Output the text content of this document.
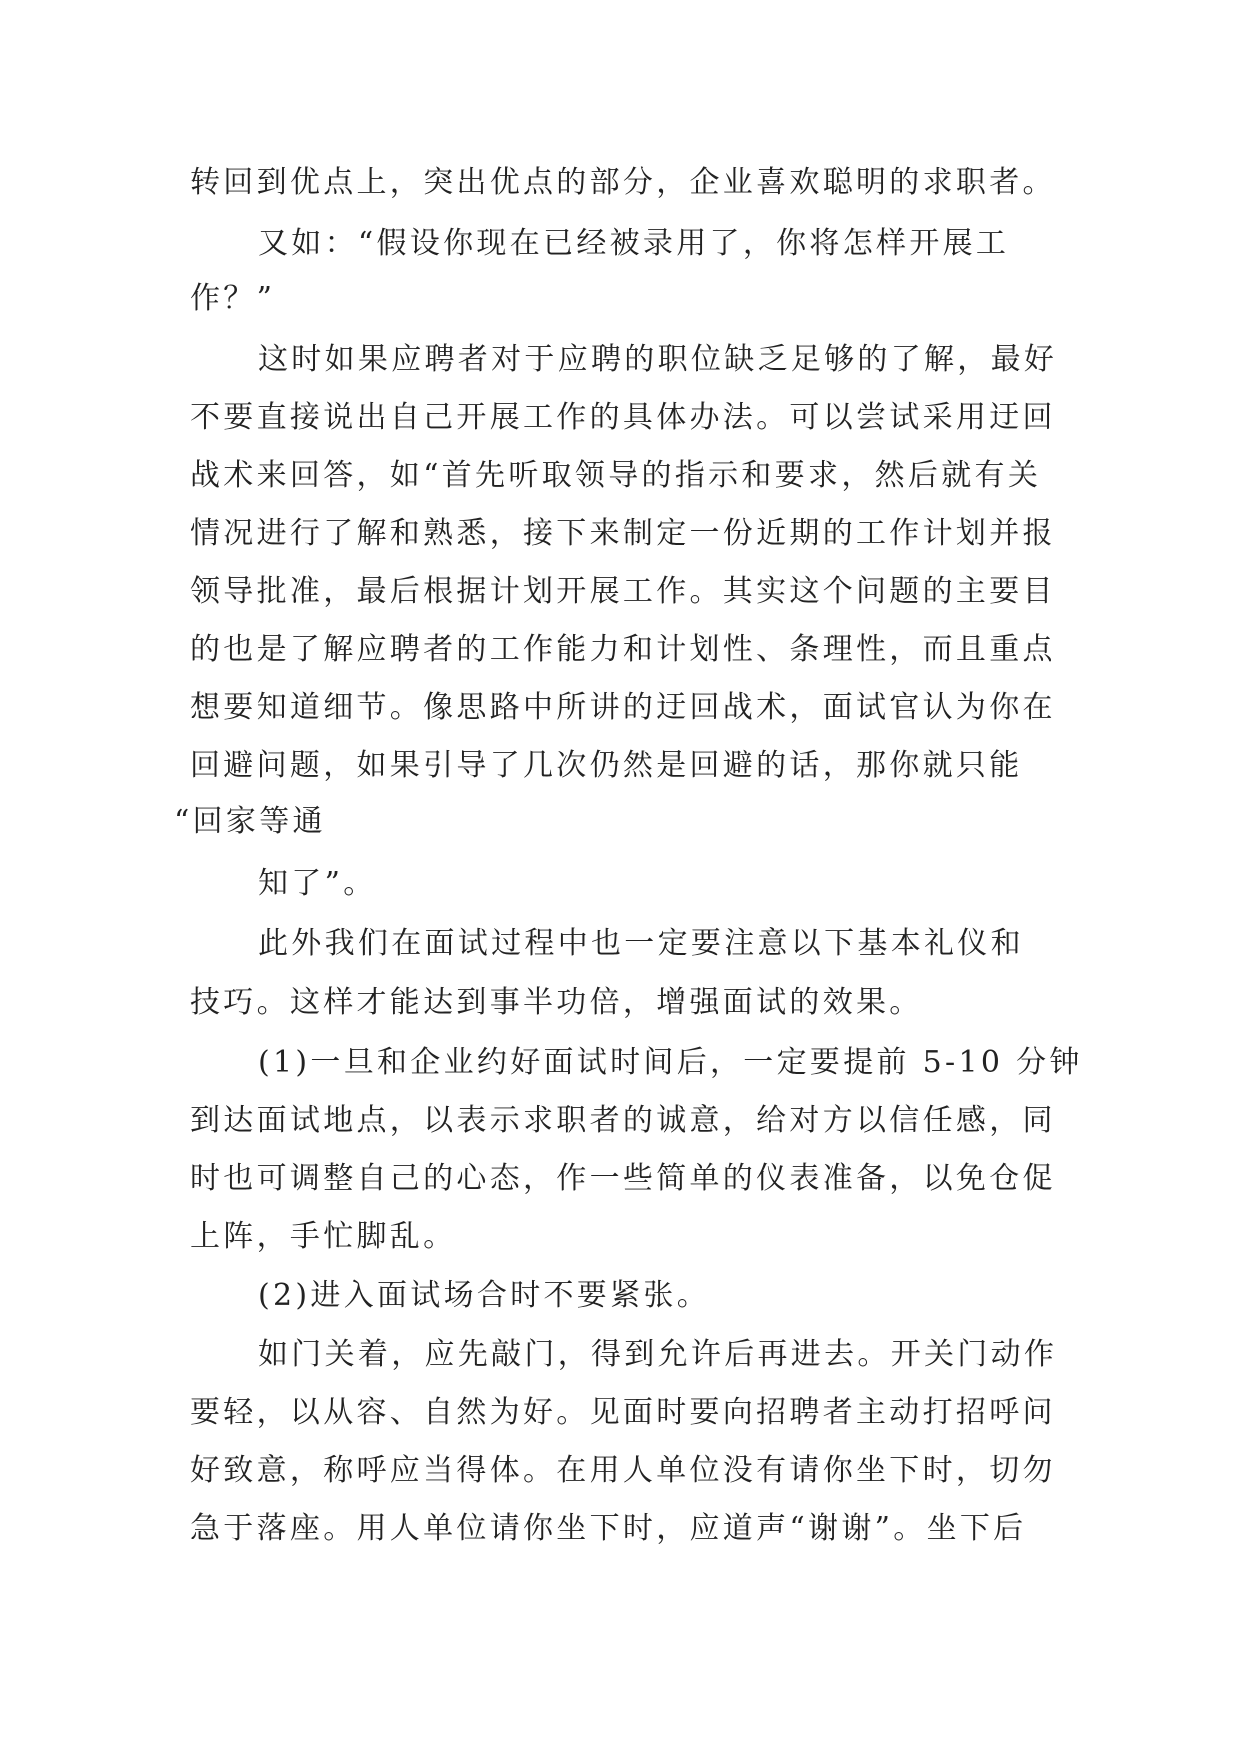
转回到优点上，突出优点的部分，企业喜欢聪明的求职者。
又如：“假设你现在已经被录用了，你将怎样开展工
作？”
这时如果应聘者对于应聘的职位缺乏足够的了解，最好
不要直接说出自己开展工作的具体办法。可以尝试采用迂回
战术来回答，如“首先听取领导的指示和要求，然后就有关
情况进行了解和熟悉，接下来制定一份近期的工作计划并报
领导批准，最后根据计划开展工作。其实这个问题的主要目
的也是了解应聘者的工作能力和计划性、条理性，而且重点
想要知道细节。像思路中所讲的迂回战术，面试官认为你在
回避问题，如果引导了几次仍然是回避的话，那你就只能
“回家等通
知了”。
此外我们在面试过程中也一定要注意以下基本礼仪和
技巧。这样才能达到事半功倍，增强面试的效果。
(1)一旦和企业约好面试时间后，一定要提前 5-10 分钟
到达面试地点，以表示求职者的诚意，给对方以信任感，同
时也可调整自己的心态，作一些简单的仪表准备，以免仓促
上阵，手忙脚乱。
(2)进入面试场合时不要紧张。
如门关着，应先敲门，得到允许后再进去。开关门动作
要轻，以从容、自然为好。见面时要向招聘者主动打招呼问
好致意，称呼应当得体。在用人单位没有请你坐下时，切勿
急于落座。用人单位请你坐下时，应道声“谢谢”。坐下后
